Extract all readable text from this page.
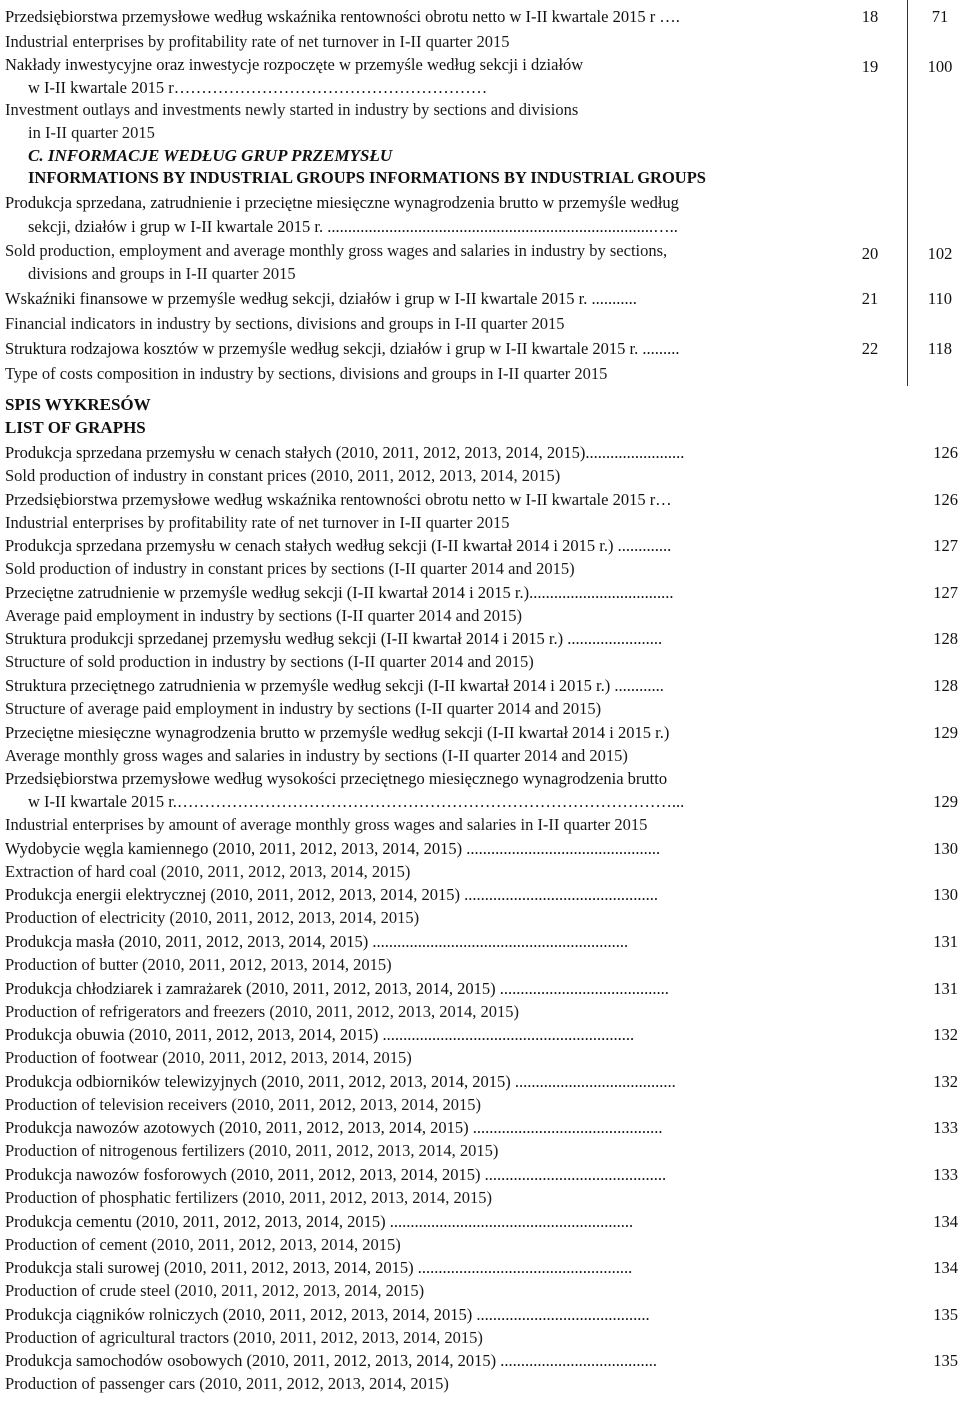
Przedsiębiorstwa przemysłowe według wskaźnika rentowności obrotu netto w I-II kwartale 2015 r ….	18	71
Industrial enterprises by profitability rate of net turnover in I-II quarter 2015
Nakłady inwestycyjne oraz inwestycje rozpoczęte w przemyśle według sekcji i działów
w I-II kwartale 2015 r…………………………………………………
19	100
Investment outlays and investments newly started in industry by sections and divisions
in I-II quarter 2015
C. INFORMACJE WEDŁUG GRUP PRZEMYSŁU
INFORMATIONS BY INDUSTRIAL GROUPS INFORMATIONS BY INDUSTRIAL GROUPS
Produkcja sprzedana, zatrudnienie i przeciętne miesięczne wynagrodzenia brutto w przemyśle według
sekcji, działów i grup w I-II kwartale 2015 r. ...............................................................................…..
20	102
Sold production, employment and average monthly gross wages and salaries in industry by sections,
divisions and groups in I-II quarter 2015
Wskaźniki finansowe w przemyśle według sekcji, działów i grup w I-II kwartale 2015 r. ...........	21	110
Financial indicators in industry by sections, divisions and groups in I-II quarter 2015
Struktura rodzajowa kosztów w przemyśle według sekcji, działów i grup w I-II kwartale 2015 r. .........	22	118
Type of costs composition in industry by sections, divisions and groups in I-II quarter 2015
SPIS WYKRESÓW
LIST OF GRAPHS
Produkcja sprzedana przemysłu w cenach stałych (2010, 2011, 2012, 2013, 2014, 2015)........................	126
Sold production of industry in constant prices (2010, 2011, 2012, 2013, 2014, 2015)
Przedsiębiorstwa przemysłowe według wskaźnika rentowności obrotu netto w I-II kwartale 2015 r…	126
Industrial enterprises by profitability rate of net turnover in I-II quarter 2015
Produkcja sprzedana przemysłu w cenach stałych według sekcji (I-II kwartał 2014 i 2015 r.) .............	127
Sold production of industry in constant prices by sections (I-II quarter 2014 and 2015)
Przeciętne zatrudnienie w przemyśle według sekcji (I-II kwartał 2014 i 2015 r.)...................................	127
Average paid employment in industry by sections (I-II quarter 2014 and 2015)
Struktura produkcji sprzedanej przemysłu według sekcji (I-II kwartał 2014 i 2015 r.) .......................	128
Structure of sold production in industry by sections (I-II quarter 2014 and 2015)
Struktura przeciętnego zatrudnienia w przemyśle według sekcji (I-II kwartał 2014 i 2015 r.) ............	128
Structure of average paid employment in industry by sections (I-II quarter 2014 and 2015)
Przeciętne miesięczne wynagrodzenia brutto w przemyśle według sekcji (I-II kwartał 2014 i 2015 r.)	129
Average monthly gross wages and salaries in industry by sections (I-II quarter 2014 and 2015)
Przedsiębiorstwa przemysłowe według wysokości przeciętnego miesięcznego wynagrodzenia brutto
w I-II kwartale 2015 r.………………………………………………………………………………...	129
Industrial enterprises by amount of average monthly gross wages and salaries in I-II quarter 2015
Wydobycie węgla kamiennego (2010, 2011, 2012, 2013, 2014, 2015) ...............................................	130
Extraction of hard coal (2010, 2011, 2012, 2013, 2014, 2015)
Produkcja energii elektrycznej (2010, 2011, 2012, 2013, 2014, 2015) ...............................................	130
Production of electricity (2010, 2011, 2012, 2013, 2014, 2015)
Produkcja masła (2010, 2011, 2012, 2013, 2014, 2015) ..............................................................	131
Production of butter (2010, 2011, 2012, 2013, 2014, 2015)
Produkcja chłodziarek i zamrażarek (2010, 2011, 2012, 2013, 2014, 2015) .........................................	131
Production of refrigerators and freezers (2010, 2011, 2012, 2013, 2014, 2015)
Produkcja obuwia (2010, 2011, 2012, 2013, 2014, 2015) .............................................................	132
Production of footwear (2010, 2011, 2012, 2013, 2014, 2015)
Produkcja odbiorników telewizyjnych (2010, 2011, 2012, 2013, 2014, 2015) .......................................	132
Production of television receivers (2010, 2011, 2012, 2013, 2014, 2015)
Produkcja nawozów azotowych (2010, 2011, 2012, 2013, 2014, 2015) ..............................................	133
Production of nitrogenous fertilizers (2010, 2011, 2012, 2013, 2014, 2015)
Produkcja nawozów fosforowych (2010, 2011, 2012, 2013, 2014, 2015) ............................................	133
Production of phosphatic fertilizers (2010, 2011, 2012, 2013, 2014, 2015)
Produkcja cementu (2010, 2011, 2012, 2013, 2014, 2015) ...........................................................	134
Production of cement (2010, 2011, 2012, 2013, 2014, 2015)
Produkcja stali surowej (2010, 2011, 2012, 2013, 2014, 2015) ....................................................	134
Production of crude steel (2010, 2011, 2012, 2013, 2014, 2015)
Produkcja ciągników rolniczych (2010, 2011, 2012, 2013, 2014, 2015) ..........................................	135
Production of agricultural tractors (2010, 2011, 2012, 2013, 2014, 2015)
Produkcja samochodów osobowych (2010, 2011, 2012, 2013, 2014, 2015) ......................................	135
Production of passenger cars (2010, 2011, 2012, 2013, 2014, 2015)
